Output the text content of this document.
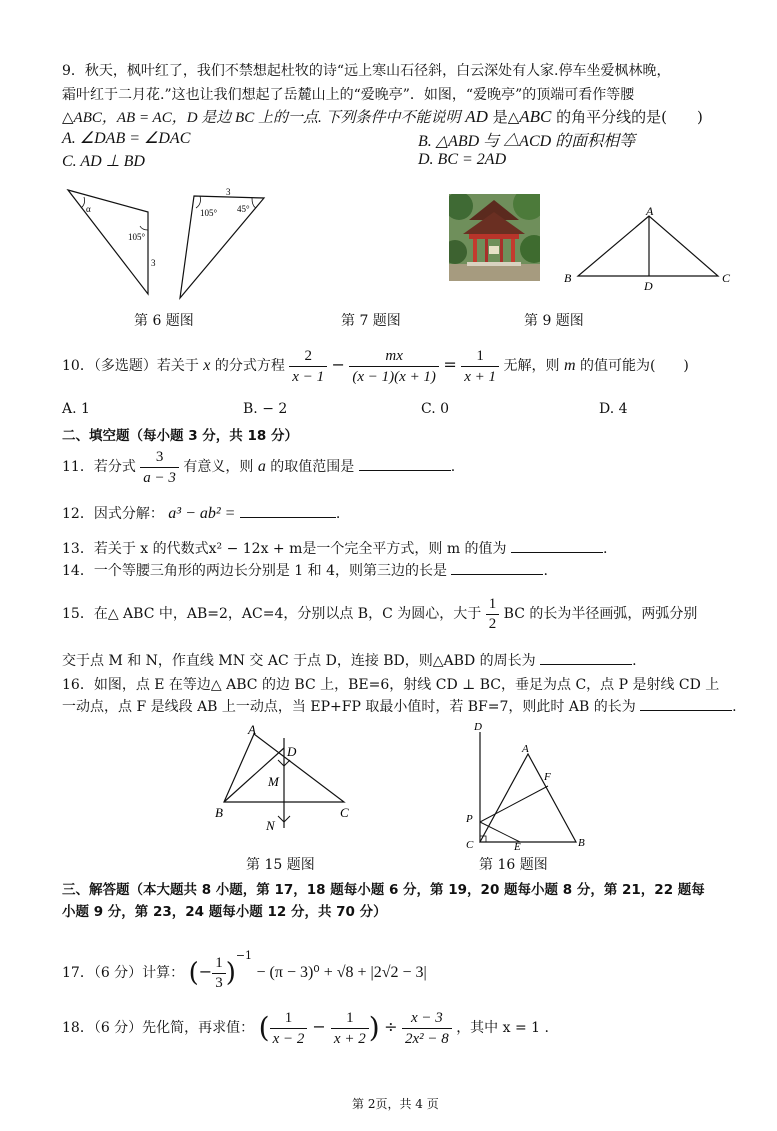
9．秋天，枫叶红了，我们不禁想起杜牧的诗“远上寒山石径斜，白云深处有人家.停车坐爱枫林晚，
霜叶红于二月花.”这也让我们想起了岳麓山上的“爱晚亭”．如图，“爱晚亭”的顶端可看作等腰
△ABC，AB = AC，D 是边 BC 上的一点. 下列条件中不能说明 AD 是△ABC 的角平分线的是(　　)
A. ∠DAB = ∠DAC	B. △ABD 与 △ACD 的面积相等
C. AD ⊥ BD	D. BC = 2AD
α
105°
3
105° 45°
3
A
B	C
D
第 6 题图	第 7 题图	第 9 题图
10．（多选题）若关于 x 的分式方程 $\frac{2}{x - 1} - \frac{mx}{(x - 1)(x + 1)} = \frac{1}{x + 1}$ 无解，则 m 的值可能为(　　)
A. 1	B. − 2	C. 0	D. 4
二、填空题（每小题 3 分，共 18 分）
11．若分式 $\frac{3}{a - 3}$ 有意义，则 a 的取值范围是	.
12．因式分解： a³ − ab² =	.
13．若关于 x 的代数式x² − 12x + m是一个完全平方式，则 m 的值为	.
14．一个等腰三角形的两边长分别是 1 和 4，则第三边的长是	.
15．在△ ABC 中，AB=2，AC=4，分别以点 B，C 为圆心，大于 $\frac{1}{2}$ BC 的长为半径画弧，两弧分别
交于点 M 和 N，作直线 MN 交 AC 于点 D，连接 BD，则△ABD 的周长为	.
16．如图，点 E 在等边△ ABC 的边 BC 上，BE=6，射线 CD ⊥ BC，垂足为点 C，点 P 是射线 CD 上
一动点，点 F 是线段 AB 上一动点，当 EP+FP 取最小值时，若 BF=7，则此时 AB 的长为	.
A
D
M
B	C
N
D
A
F
P
C	E	B
第 15 题图	第 16 题图
三、解答题（本大题共 8 小题，第 17，18 题每小题 6 分，第 19，20 题每小题 8 分，第 21，22 题每
小题 9 分，第 23，24 题每小题 12 分，共 70 分）
17．（6 分）计算： (− $\frac{1}{3} )^{-1} - (\pi - 3)^0 + √8 + |2√2 - 3|$
18．（6 分）先化简，再求值： ( $\frac{1}{x - 2} - \frac{1}{x + 2}$ ) ÷ $\frac{x - 3}{\text{2x² − 8}}$ ，其中 x = 1 .
第 2页，共 4 页
